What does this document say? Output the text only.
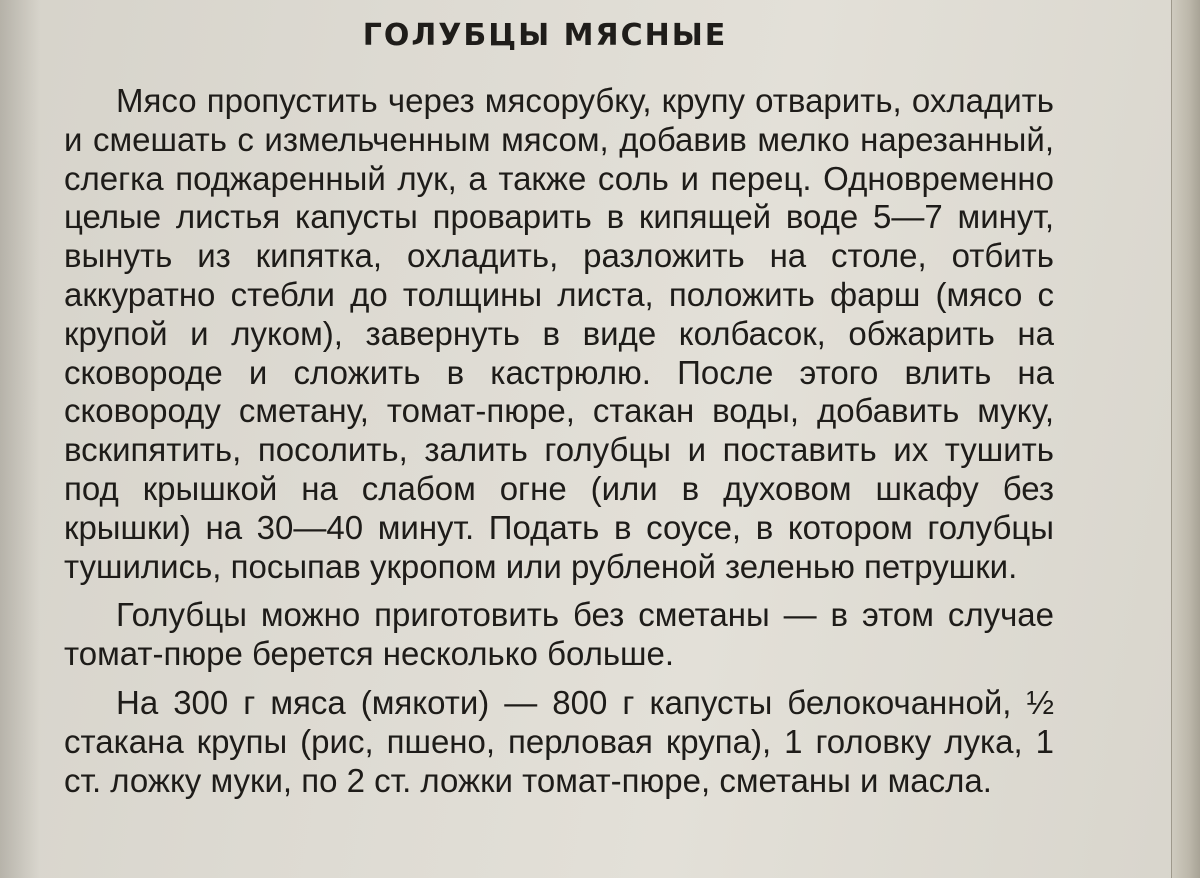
ГОЛУБЦЫ МЯСНЫЕ

Мясо пропустить через мясорубку, крупу отварить, охладить и смешать с измельченным мясом, добавив мелко нарезанный, слегка поджаренный лук, а также соль и перец. Одновременно целые листья капусты проварить в кипящей воде 5—7 минут, вынуть из кипятка, охладить, разложить на столе, отбить аккуратно стебли до толщины листа, положить фарш (мясо с крупой и луком), завернуть в виде колбасок, обжарить на сковороде и сложить в кастрюлю. После этого влить на сковороду сметану, томат-пюре, стакан воды, добавить муку, вскипятить, посолить, залить голубцы и поставить их тушить под крышкой на слабом огне (или в духовом шкафу без крышки) на 30—40 минут. Подать в соусе, в котором голубцы тушились, посыпав укропом или рубленой зеленью петрушки.

Голубцы можно приготовить без сметаны — в этом случае томат-пюре берется несколько больше.

На 300 г мяса (мякоти) — 800 г капусты белокочанной, ½ стакана крупы (рис, пшено, перловая крупа), 1 головку лука, 1 ст. ложку муки, по 2 ст. ложки томат-пюре, сметаны и масла.
